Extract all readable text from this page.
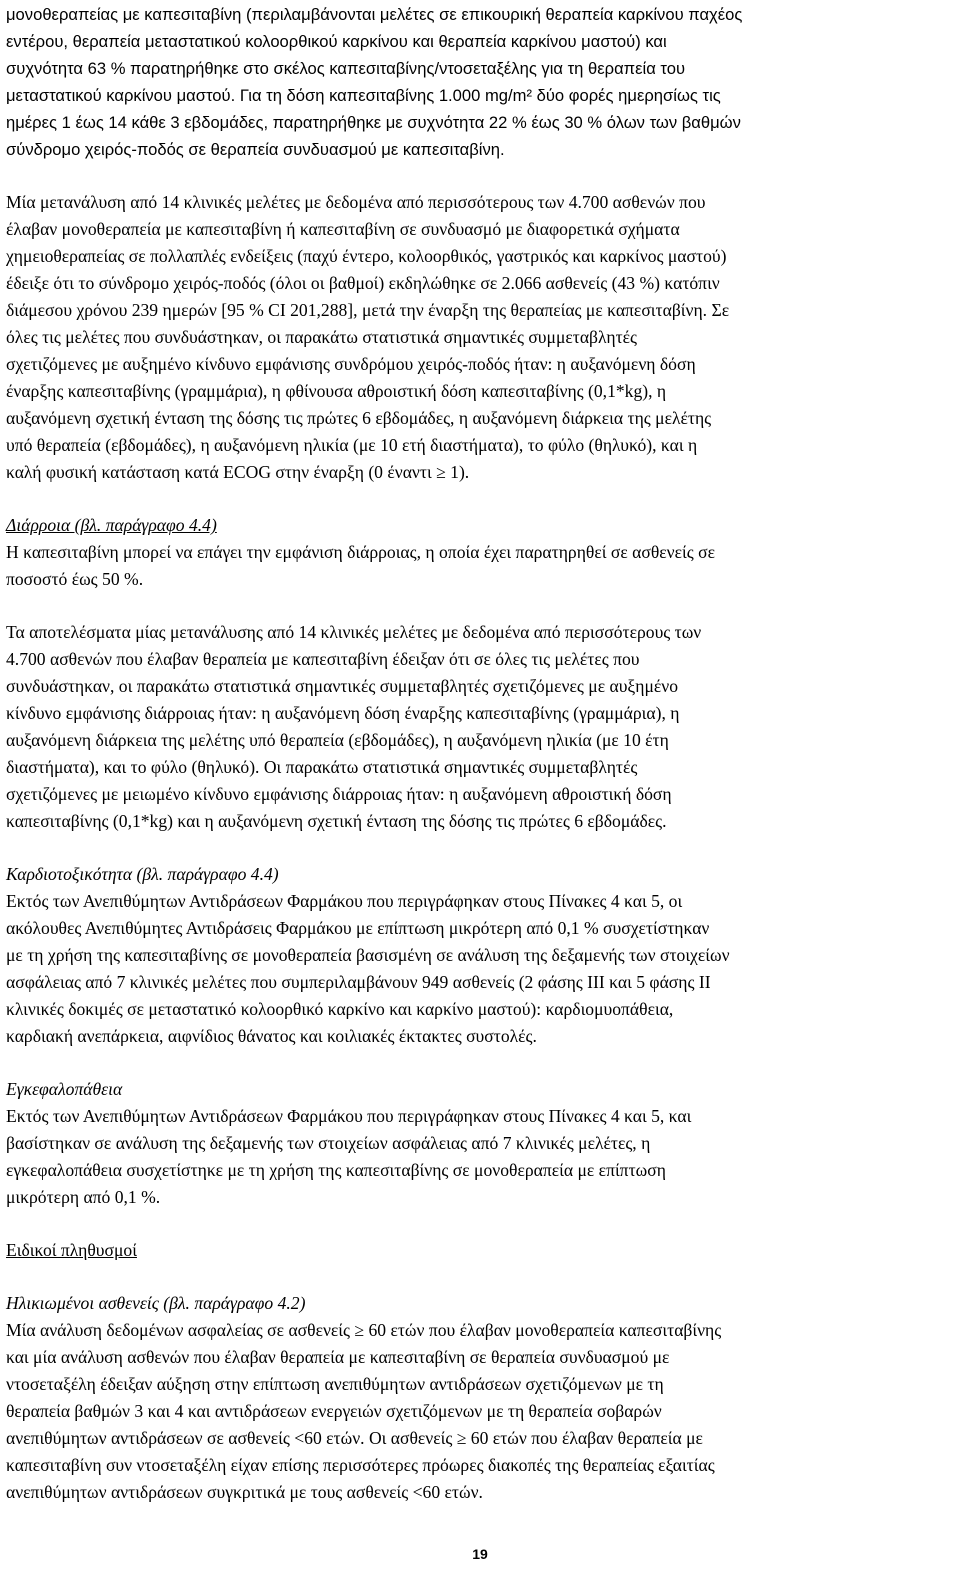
μονοθεραπείας με καπεσιταβίνη (περιλαμβάνονται μελέτες σε επικουρική θεραπεία καρκίνου παχέος
εντέρου, θεραπεία μεταστατικού κολοορθικού καρκίνου και θεραπεία καρκίνου μαστού) και
συχνότητα 63 % παρατηρήθηκε στο σκέλος καπεσιταβίνης/ντοσεταξέλης για τη θεραπεία του
μεταστατικού καρκίνου μαστού. Για τη δόση καπεσιταβίνης 1.000 mg/m² δύο φορές ημερησίως τις
ημέρες 1 έως 14 κάθε 3 εβδομάδες, παρατηρήθηκε με συχνότητα 22 % έως 30 % όλων των βαθμών
σύνδρομο χειρός-ποδός σε θεραπεία συνδυασμού με καπεσιταβίνη.

Μία μετανάλυση από 14 κλινικές μελέτες με δεδομένα από περισσότερους των 4.700 ασθενών που
έλαβαν μονοθεραπεία με καπεσιταβίνη ή καπεσιταβίνη σε συνδυασμό με διαφορετικά σχήματα
χημειοθεραπείας σε πολλαπλές ενδείξεις (παχύ έντερο, κολοορθικός, γαστρικός και καρκίνος μαστού)
έδειξε ότι το σύνδρομο χειρός-ποδός (όλοι οι βαθμοί) εκδηλώθηκε σε 2.066 ασθενείς (43 %) κατόπιν
διάμεσου χρόνου 239 ημερών [95 % CI 201,288], μετά την έναρξη της θεραπείας με καπεσιταβίνη. Σε
όλες τις μελέτες που συνδυάστηκαν, οι παρακάτω στατιστικά σημαντικές συμμεταβλητές
σχετιζόμενες με αυξημένο κίνδυνο εμφάνισης συνδρόμου χειρός-ποδός ήταν: η αυξανόμενη δόση
έναρξης καπεσιταβίνης (γραμμάρια), η φθίνουσα αθροιστική δόση καπεσιταβίνης (0,1*kg), η
αυξανόμενη σχετική ένταση της δόσης τις πρώτες 6 εβδομάδες, η αυξανόμενη διάρκεια της μελέτης
υπό θεραπεία (εβδομάδες), η αυξανόμενη ηλικία (με 10 ετή διαστήματα), το φύλο (θηλυκό), και η
καλή φυσική κατάσταση κατά ECOG στην έναρξη (0 έναντι ≥ 1).

Διάρροια (βλ. παράγραφο 4.4)

Η καπεσιταβίνη μπορεί να επάγει την εμφάνιση διάρροιας, η οποία έχει παρατηρηθεί σε ασθενείς σε
ποσοστό έως 50 %.

Τα αποτελέσματα μίας μετανάλυσης από 14 κλινικές μελέτες με δεδομένα από περισσότερους των
4.700 ασθενών που έλαβαν θεραπεία με καπεσιταβίνη έδειξαν ότι σε όλες τις μελέτες που
συνδυάστηκαν, οι παρακάτω στατιστικά σημαντικές συμμεταβλητές σχετιζόμενες με αυξημένο
κίνδυνο εμφάνισης διάρροιας ήταν: η αυξανόμενη δόση έναρξης καπεσιταβίνης (γραμμάρια), η
αυξανόμενη διάρκεια της μελέτης υπό θεραπεία (εβδομάδες), η αυξανόμενη ηλικία (με 10 έτη
διαστήματα), και το φύλο (θηλυκό). Οι παρακάτω στατιστικά σημαντικές συμμεταβλητές
σχετιζόμενες με μειωμένο κίνδυνο εμφάνισης διάρροιας ήταν: η αυξανόμενη αθροιστική δόση
καπεσιταβίνης (0,1*kg) και η αυξανόμενη σχετική ένταση της δόσης τις πρώτες 6 εβδομάδες.

Καρδιοτοξικότητα (βλ. παράγραφο 4.4)

Εκτός των Ανεπιθύμητων Αντιδράσεων Φαρμάκου που περιγράφηκαν στους Πίνακες 4 και 5, οι
ακόλουθες Ανεπιθύμητες Αντιδράσεις Φαρμάκου με επίπτωση μικρότερη από 0,1 % συσχετίστηκαν
με τη χρήση της καπεσιταβίνης σε μονοθεραπεία βασισμένη σε ανάλυση της δεξαμενής των στοιχείων
ασφάλειας από 7 κλινικές μελέτες που συμπεριλαμβάνουν 949 ασθενείς (2 φάσης ΙΙΙ και 5 φάσης ΙΙ
κλινικές δοκιμές σε μεταστατικό κολοορθικό καρκίνο και καρκίνο μαστού): καρδιομυοπάθεια,
καρδιακή ανεπάρκεια, αιφνίδιος θάνατος και κοιλιακές έκτακτες συστολές.

Εγκεφαλοπάθεια

Εκτός των Ανεπιθύμητων Αντιδράσεων Φαρμάκου που περιγράφηκαν στους Πίνακες 4 και 5, και
βασίστηκαν σε ανάλυση της δεξαμενής των στοιχείων ασφάλειας από 7 κλινικές μελέτες, η
εγκεφαλοπάθεια συσχετίστηκε με τη χρήση της καπεσιταβίνης σε μονοθεραπεία με επίπτωση
μικρότερη από 0,1 %.

Ειδικοί πληθυσμοί

Ηλικιωμένοι ασθενείς (βλ. παράγραφο 4.2)

Μία ανάλυση δεδομένων ασφαλείας σε ασθενείς ≥ 60 ετών που έλαβαν μονοθεραπεία καπεσιταβίνης
και μία ανάλυση ασθενών που έλαβαν θεραπεία με καπεσιταβίνη σε θεραπεία συνδυασμού με
ντοσεταξέλη έδειξαν αύξηση στην επίπτωση ανεπιθύμητων αντιδράσεων σχετιζόμενων με τη
θεραπεία βαθμών 3 και 4 και αντιδράσεων ενεργειών σχετιζόμενων με τη θεραπεία σοβαρών
ανεπιθύμητων αντιδράσεων σε ασθενείς <60 ετών. Οι ασθενείς ≥ 60 ετών που έλαβαν θεραπεία με
καπεσιταβίνη συν ντοσεταξέλη είχαν επίσης περισσότερες πρόωρες διακοπές της θεραπείας εξαιτίας
ανεπιθύμητων αντιδράσεων συγκριτικά με τους ασθενείς <60 ετών.

19
